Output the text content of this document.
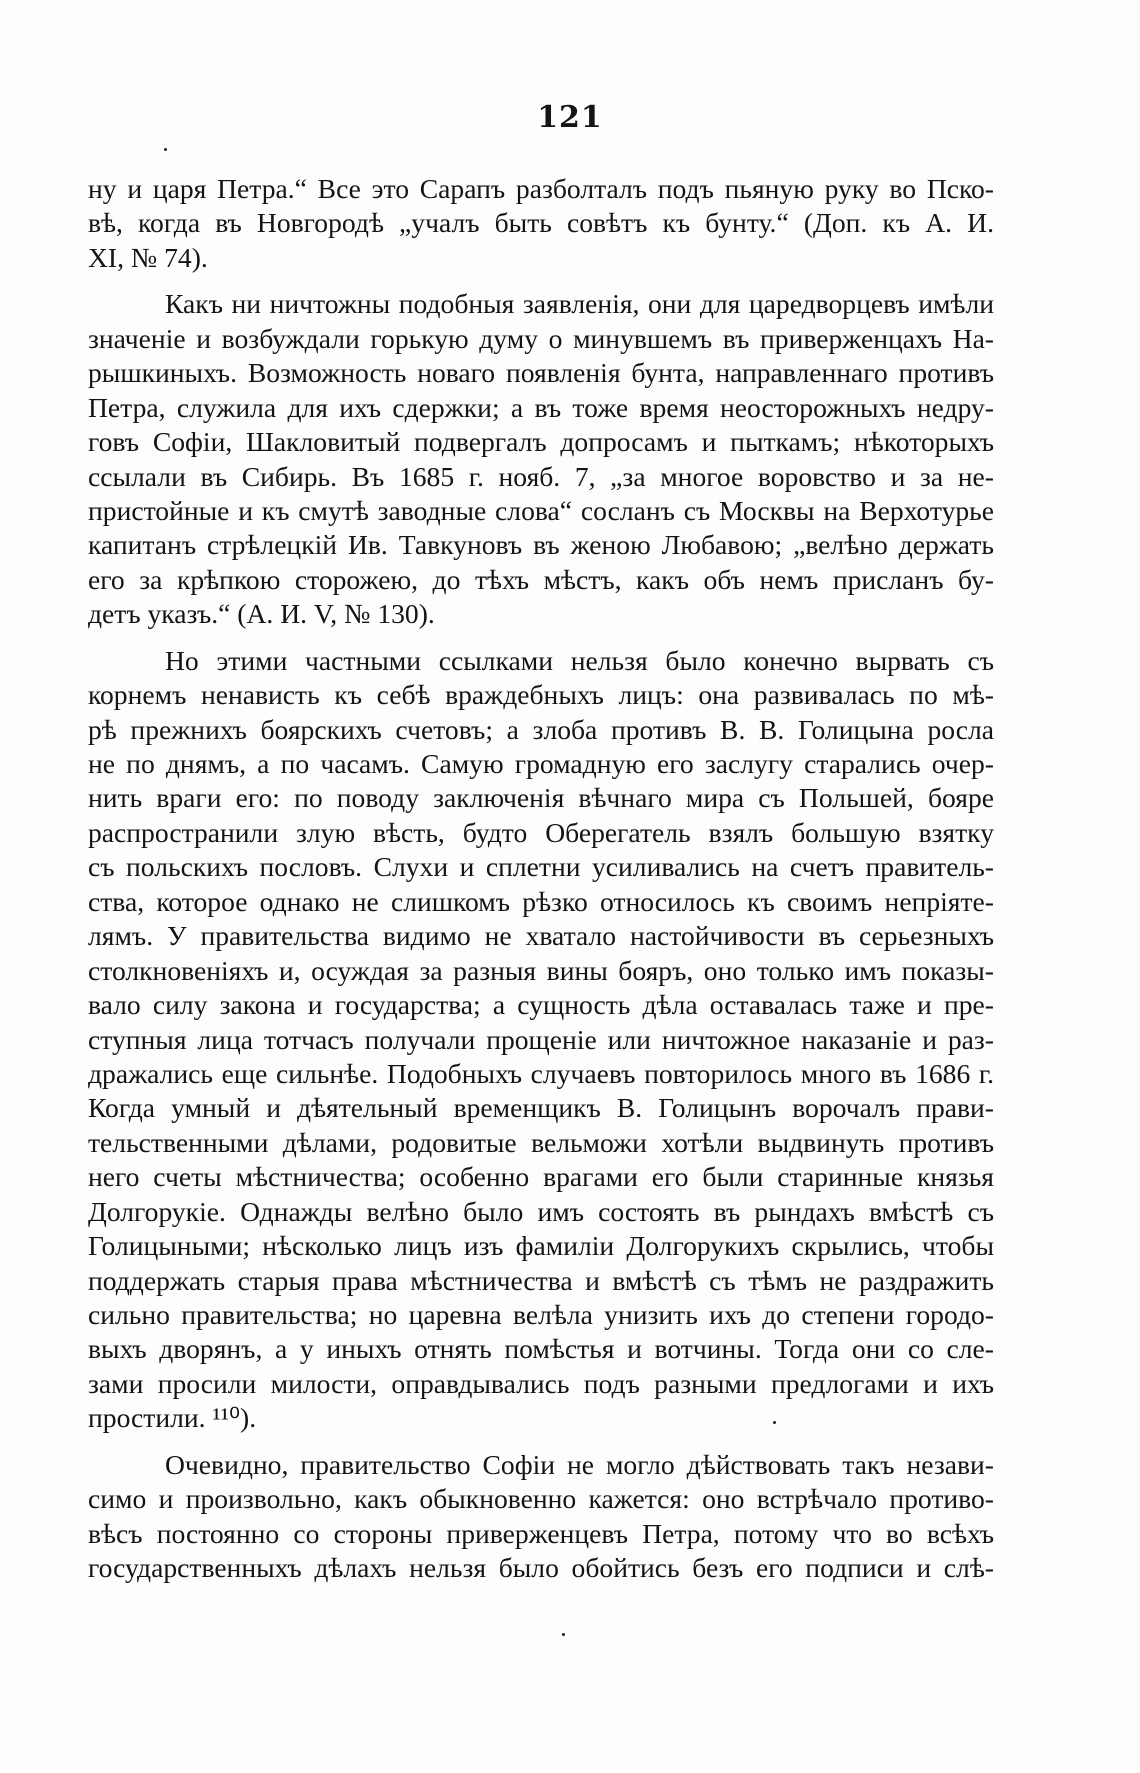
121
ну и царя Петра.“ Все это Сарапъ разболталъ подъ пьяную руку во Пско-
вѣ, когда въ Новгородѣ „учалъ быть совѣтъ къ бунту.“ (Доп. къ А. И.
XI, № 74).
Какъ ни ничтожны подобныя заявленія, они для царедворцевъ имѣли
значеніе и возбуждали горькую думу о минувшемъ въ приверженцахъ На-
рышкиныхъ. Возможность новаго появленія бунта, направленнаго противъ
Петра, служила для ихъ сдержки; а въ тоже время неосторожныхъ недру-
говъ Софіи, Шакловитый подвергалъ допросамъ и пыткамъ; нѣкоторыхъ
ссылали въ Сибирь. Въ 1685 г. нояб. 7, „за многое воровство и за не-
пристойные и къ смутѣ заводные слова“ сосланъ съ Москвы на Верхотурье
капитанъ стрѣлецкій Ив. Тавкуновъ въ женою Любавою; „велѣно держать
его за крѣпкою сторожею, до тѣхъ мѣстъ, какъ объ немъ присланъ бу-
детъ указъ.“ (А. И. V, № 130).
Но этими частными ссылками нельзя было конечно вырвать съ
корнемъ ненависть къ себѣ враждебныхъ лицъ: она развивалась по мѣ-
рѣ прежнихъ боярскихъ счетовъ; а злоба противъ В. В. Голицына росла
не по днямъ, а по часамъ. Самую громадную его заслугу старались очер-
нить враги его: по поводу заключенія вѣчнаго мира съ Польшей, бояре
распространили злую вѣсть, будто Оберегатель взялъ большую взятку
съ польскихъ пословъ. Слухи и сплетни усиливались на счетъ правитель-
ства, которое однако не слишкомъ рѣзко относилось къ своимъ непріяте-
лямъ. У правительства видимо не хватало настойчивости въ серьезныхъ
столкновеніяхъ и, осуждая за разныя вины бояръ, оно только имъ показы-
вало силу закона и государства; а сущность дѣла оставалась таже и пре-
ступныя лица тотчасъ получали прощеніе или ничтожное наказаніе и раз-
дражались еще сильнѣе. Подобныхъ случаевъ повторилось много въ 1686 г.
Когда умный и дѣятельный временщикъ В. Голицынъ ворочалъ прави-
тельственными дѣлами, родовитые вельможи хотѣли выдвинуть противъ
него счеты мѣстничества; особенно врагами его были старинные князья
Долгорукіе. Однажды велѣно было имъ состоять въ рындахъ вмѣстѣ съ
Голицыными; нѣсколько лицъ изъ фамиліи Долгорукихъ скрылись, чтобы
поддержать старыя права мѣстничества и вмѣстѣ съ тѣмъ не раздражить
сильно правительства; но царевна велѣла унизить ихъ до степени городо-
выхъ дворянъ, а у иныхъ отнять помѣстья и вотчины. Тогда они со сле-
зами просили милости, оправдывались подъ разными предлогами и ихъ
простили. ¹¹⁰).
Очевидно, правительство Софіи не могло дѣйствовать такъ незави-
симо и произвольно, какъ обыкновенно кажется: оно встрѣчало противо-
вѣсъ постоянно со стороны приверженцевъ Петра, потому что во всѣхъ
государственныхъ дѣлахъ нельзя было обойтись безъ его подписи и слѣ-
